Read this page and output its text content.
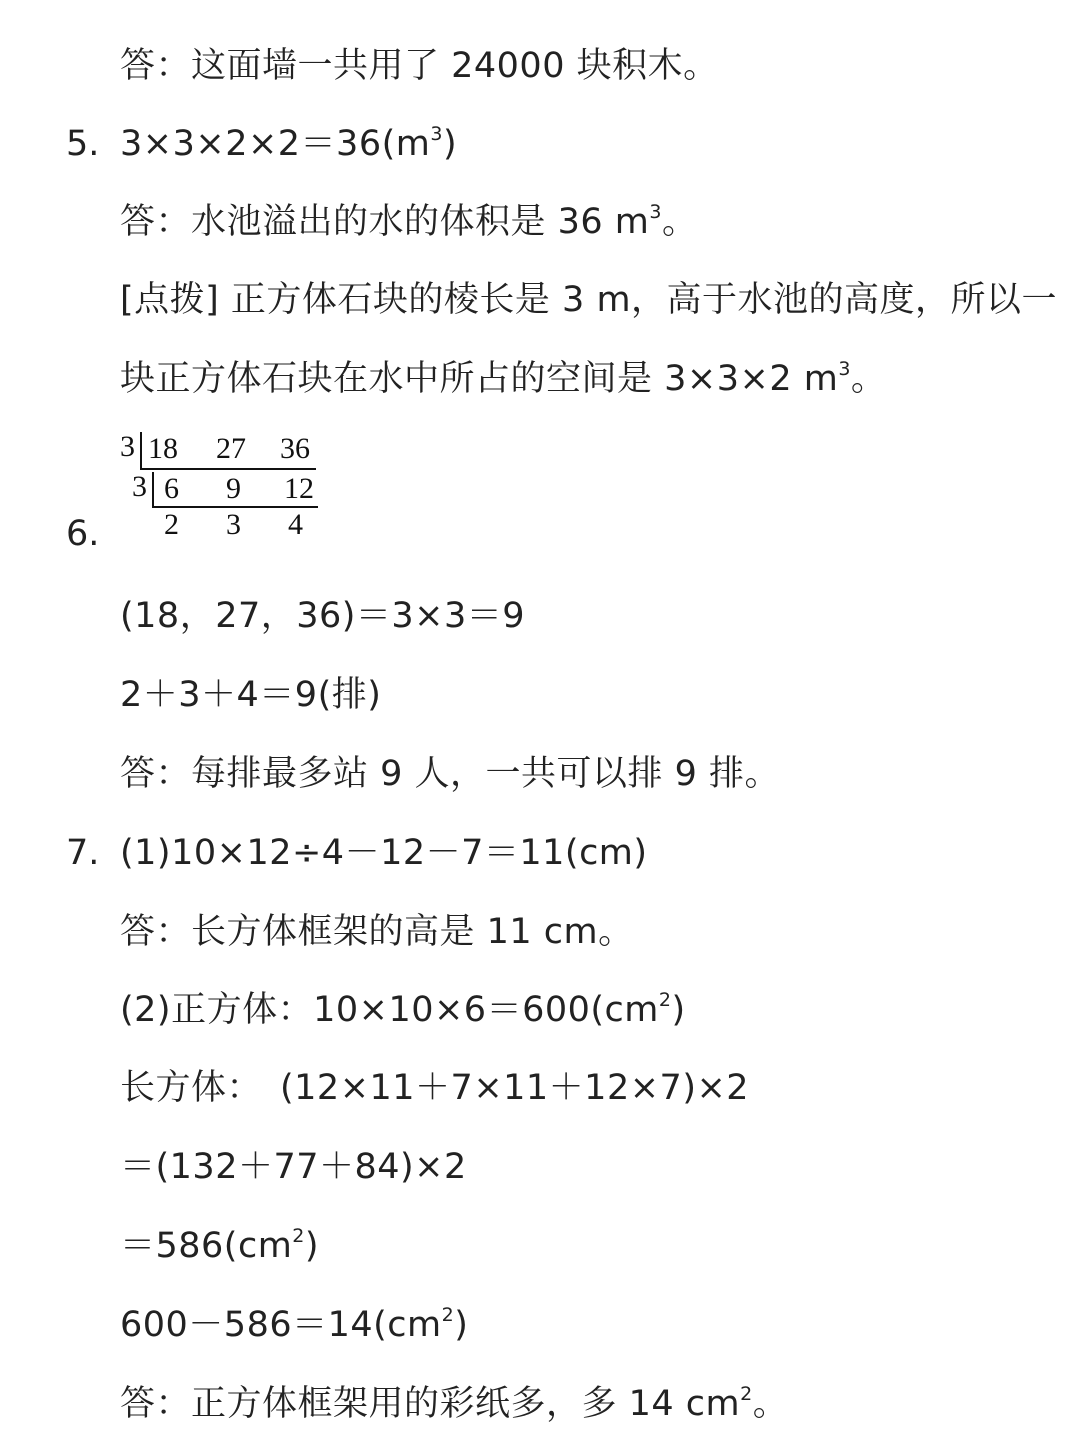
答：这面墙一共用了 24000 块积木。
5. $3\times 3\times 2\times 2=36(m^3)$
答：水池溢出的水的体积是 36 $m^3$。
[点拨] 正方体石块的棱长是 3 m，高于水池的高度，所以一
块正方体石块在水中所占的空间是 3×3×2 $m^3$。
3 18 27 36
3 6 9 12
2 3 4
6.
(18，27，36)＝3×3＝9
2＋3＋4＝9(排)
答：每排最多站 9 人，一共可以排 9 排。
7. (1)10×12÷4－12－7＝11(cm)
答：长方体框架的高是 11 cm。
(2)正方体：$10\times 10\times 6=600(cm^2)$
长方体：　(12×11＋7×11＋12×7)×2
＝(132＋77＋84)×2
$=586(cm^2)$
$600-586=14(cm^2)$
答：正方体框架用的彩纸多，多 14 $cm^2$。
